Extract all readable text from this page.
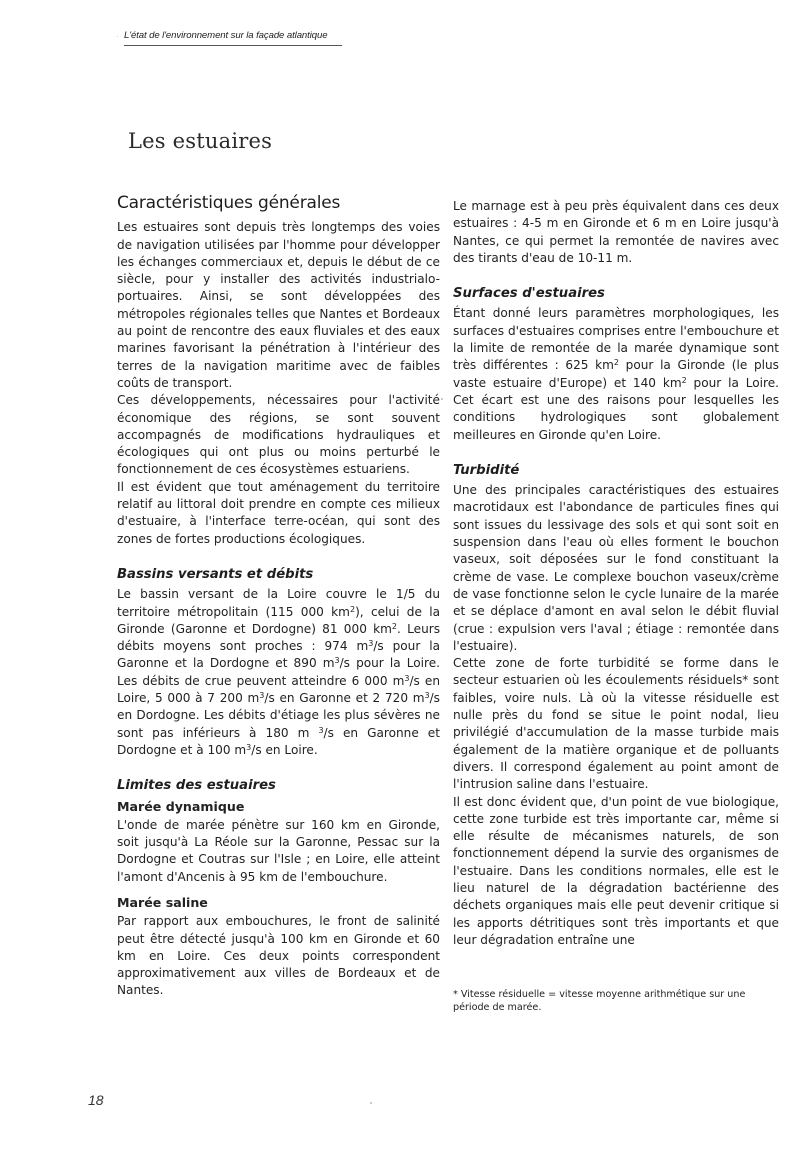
· L'état de l'environnement sur la façade atlantique
Les estuaires
Caractéristiques générales

Les estuaires sont depuis très longtemps des voies de navigation utilisées par l'homme pour développer les échanges commerciaux et, depuis le début de ce siècle, pour y installer des activités industrialo-portuaires. Ainsi, se sont développées des métropoles régionales telles que Nantes et Bordeaux au point de rencontre des eaux fluviales et des eaux marines favorisant la pénétration à l'intérieur des terres de la navigation maritime avec de faibles coûts de transport.

Ces développements, nécessaires pour l'activité économique des régions, se sont souvent accompagnés de modifications hydrauliques et écologiques qui ont plus ou moins perturbé le fonctionnement de ces écosystèmes estuariens.

Il est évident que tout aménagement du territoire relatif au littoral doit prendre en compte ces milieux d'estuaire, à l'interface terre-océan, qui sont des zones de fortes productions écologiques.

Bassins versants et débits

Le bassin versant de la Loire couvre le 1/5 du territoire métropolitain (115 000 $km^2$), celui de la Gironde (Garonne et Dordogne) 81 000 $km^2$. Leurs débits moyens sont proches : 974 $m^3/s$ pour la Garonne et la Dordogne et 890 $m^3/s$ pour la Loire. Les débits de crue peuvent atteindre 6 000 $m^3/s$ en Loire, 5 000 à 7 200 $m^3/s$ en Garonne et 2 720 $m^3/s$ en Dordogne. Les débits d'étiage les plus sévères ne sont pas inférieurs à 180 m $^3$/s en Garonne et Dordogne et à 100 $m^3/s$ en Loire.

Limites des estuaires
Marée dynamique

L'onde de marée pénètre sur 160 km en Gironde, soit jusqu'à La Réole sur la Garonne, Pessac sur la Dordogne et Coutras sur l'Isle ; en Loire, elle atteint l'amont d'Ancenis à 95 km de l'embouchure.

Marée saline

Par rapport aux embouchures, le front de salinité peut être détecté jusqu'à 100 km en Gironde et 60 km en Loire. Ces deux points correspondent approximativement aux villes de Bordeaux et de Nantes.

Le marnage est à peu près équivalent dans ces deux estuaires : 4-5 m en Gironde et 6 m en Loire jusqu'à Nantes, ce qui permet la remontée de navires avec des tirants d'eau de 10-11 m.

Surfaces d'estuaires

Étant donné leurs paramètres morphologiques, les surfaces d'estuaires comprises entre l'embouchure et la limite de remontée de la marée dynamique sont très différentes : 625 $km^2$ pour la Gironde (le plus vaste estuaire d'Europe) et 140 $km^2$ pour la Loire. Cet écart est une des raisons pour lesquelles les conditions hydrologiques sont globalement meilleures en Gironde qu'en Loire.

Turbidité

Une des principales caractéristiques des estuaires macrotidaux est l'abondance de particules fines qui sont issues du lessivage des sols et qui sont soit en suspension dans l'eau où elles forment le bouchon vaseux, soit déposées sur le fond constituant la crème de vase. Le complexe bouchon vaseux/crème de vase fonctionne selon le cycle lunaire de la marée et se déplace d'amont en aval selon le débit fluvial (crue : expulsion vers l'aval ; étiage : remontée dans l'estuaire).

Cette zone de forte turbidité se forme dans le secteur estuarien où les écoulements résiduels* sont faibles, voire nuls. Là où la vitesse résiduelle est nulle près du fond se situe le point nodal, lieu privilégié d'accumulation de la masse turbide mais également de la matière organique et de polluants divers. Il correspond également au point amont de l'intrusion saline dans l'estuaire.

Il est donc évident que, d'un point de vue biologique, cette zone turbide est très importante car, même si elle résulte de mécanismes naturels, de son fonctionnement dépend la survie des organismes de l'estuaire. Dans les conditions normales, elle est le lieu naturel de la dégradation bactérienne des déchets organiques mais elle peut devenir critique si les apports détritiques sont très importants et que leur dégradation entraîne une

* Vitesse résiduelle = vitesse moyenne arithmétique sur une période de marée.
18
